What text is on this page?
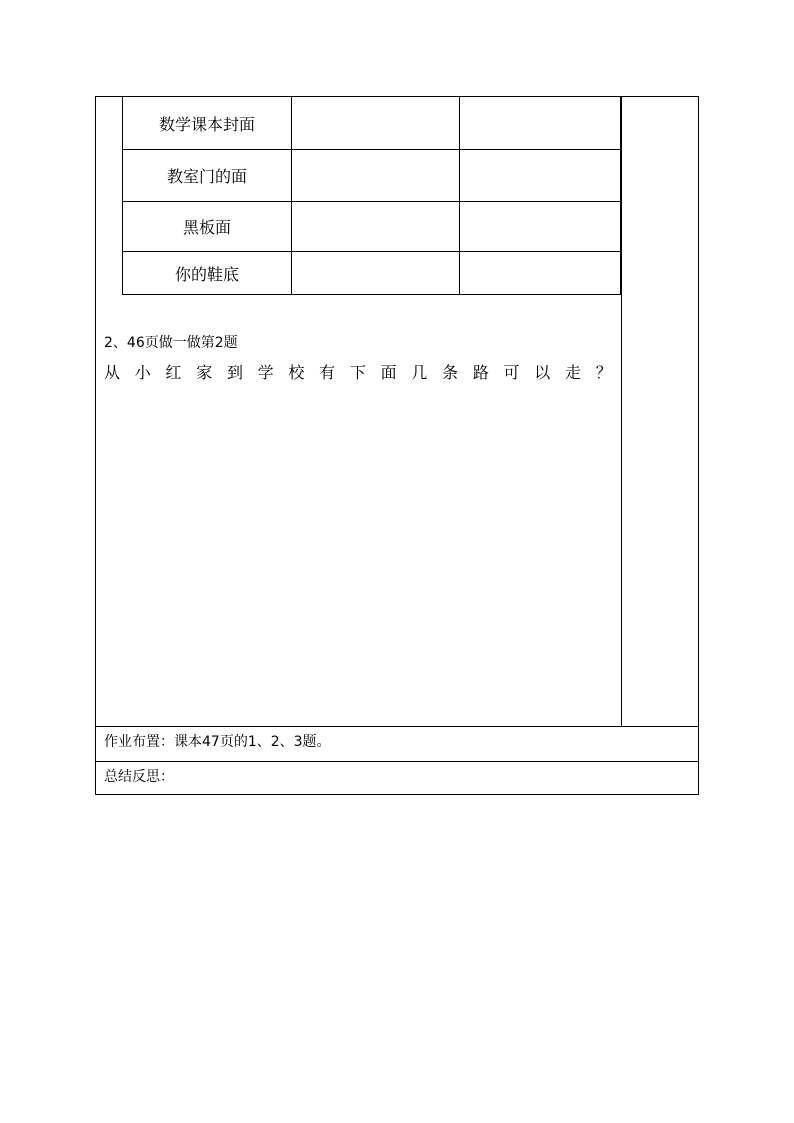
数学课本封面		
教室门的面		
黑板面		
你的鞋底		
2、46页做一做第2题
从 小 红 家 到 学 校 有 下 面 几 条 路 可 以 走 ？
作业布置：课本47页的1、2、3题。
总结反思：
